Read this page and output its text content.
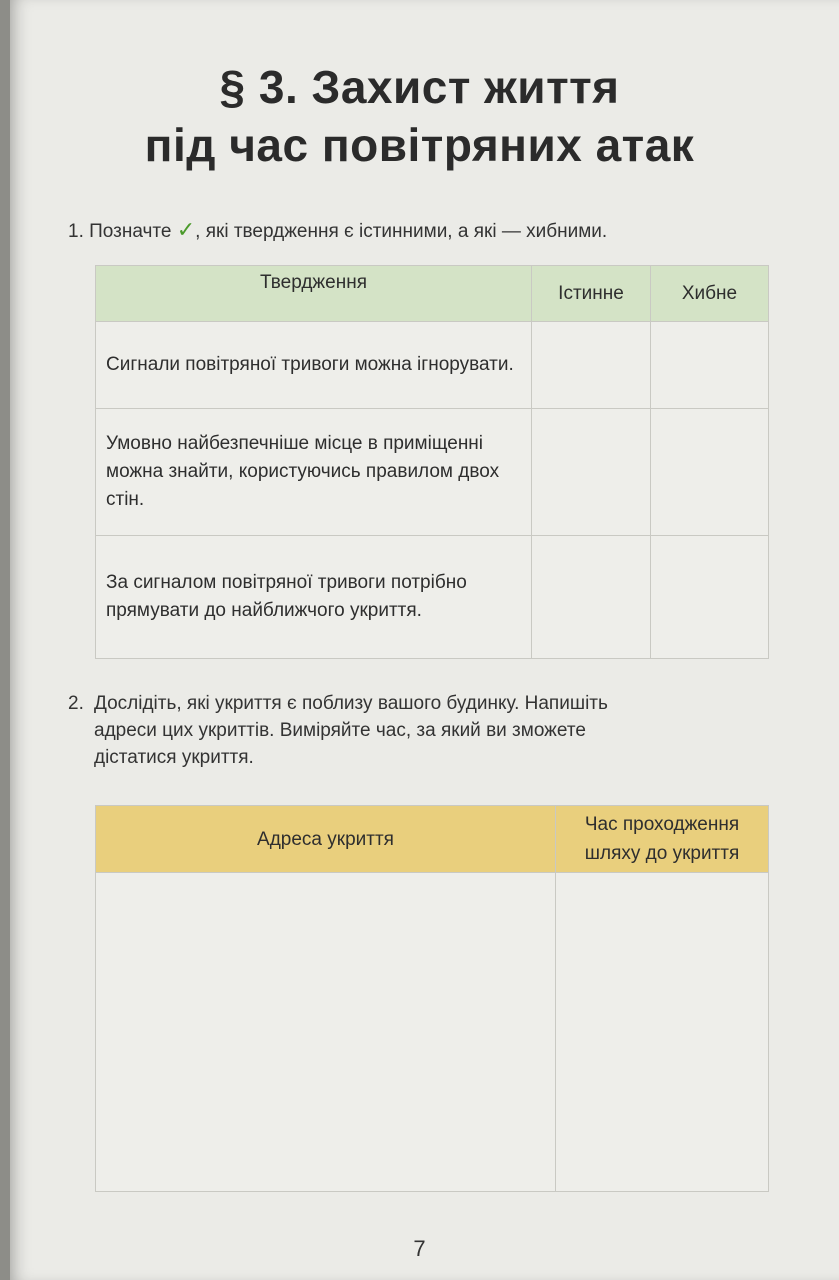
§ 3. Захист життя
під час повітряних атак
1. Позначте ✓, які твердження є істинними, а які — хибними.
Твердження	Істинне	Хибне
Сигнали повітряної тривоги можна ігнорувати.		
Умовно найбезпечніше місце в приміщенні можна знайти, користуючись правилом двох стін.		
За сигналом повітряної тривоги потрібно прямувати до найближчого укриття.		
2. Дослідіть, які укриття є поблизу вашого будинку. Напишіть
адреси цих укриттів. Виміряйте час, за який ви зможете
дістатися укриття.
Адреса укриття	Час проходження шляху до укриття

7
